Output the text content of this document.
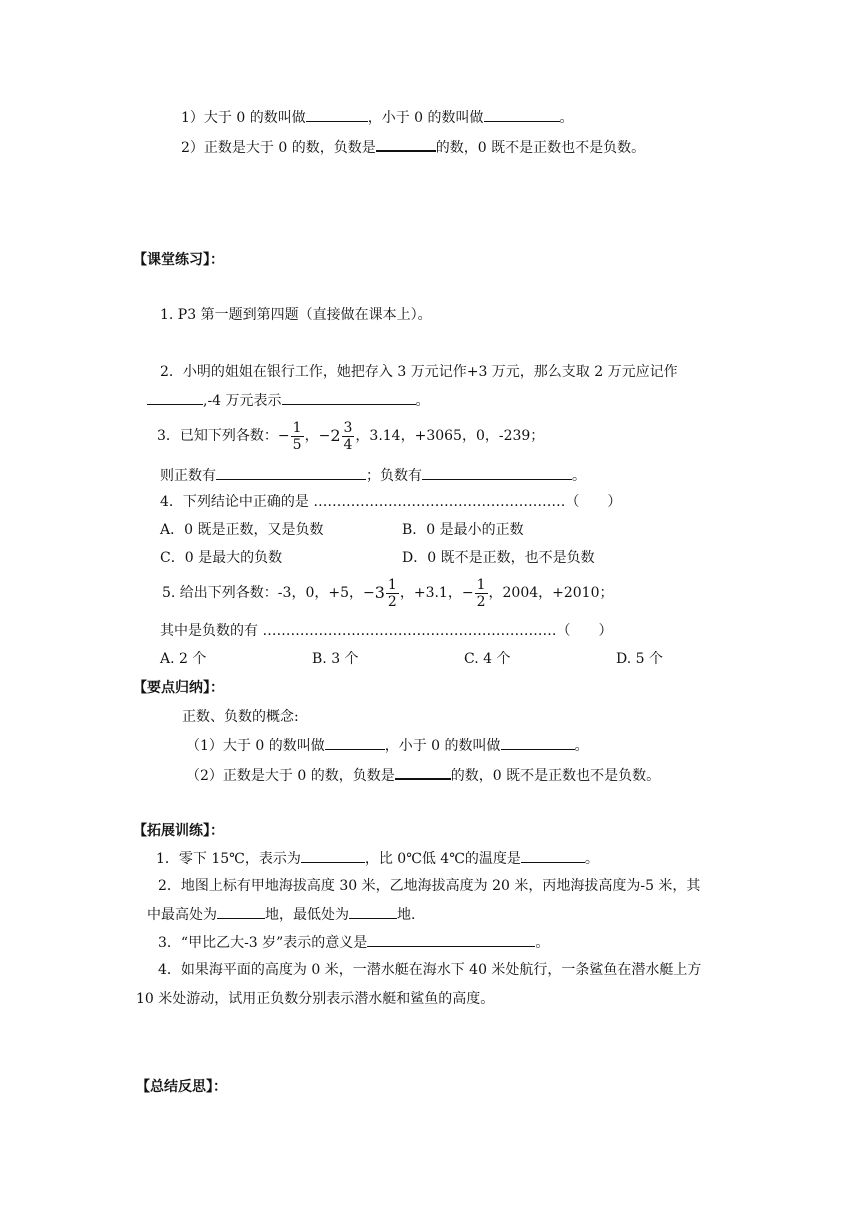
1）大于 0 的数叫做	，小于 0 的数叫做	。
2）正数是大于 0 的数，负数是	的数，0 既不是正数也不是负数。
【课堂练习】：
1. P3 第一题到第四题（直接做在课本上）。
2．小明的姐姐在银行工作，她把存入 3 万元记作+3 万元，那么支取 2 万元应记作
,-4 万元表示	。
3．已知下列各数：− $\frac{1}{5}$ ，$-2 \frac{3}{4}$ ，3.14，+3065，0，-239；
则正数有	；负数有	。
4．下列结论中正确的是 ………………………………………………（　　）
A．0 既是正数，又是负数	B．0 是最小的正数
C．0 是最大的负数	D．0 既不是正数，也不是负数
5. 给出下列各数：-3，0，+5，$-3 \frac{1}{2}$ ，+3.1，− $\frac{1}{2}$ ，2004，+2010；
其中是负数的有 ………………………………………………………（　　）
A. 2 个	B. 3 个	C. 4 个	D. 5 个
【要点归纳】：
正数、负数的概念:
（1）大于 0 的数叫做	，小于 0 的数叫做	。
（2）正数是大于 0 的数，负数是	的数，0 既不是正数也不是负数。
【拓展训练】：
1．零下 15℃，表示为	，比 0℃低 4℃的温度是	。
2．地图上标有甲地海拔高度 30 米，乙地海拔高度为 20 米，丙地海拔高度为-5 米，其
中最高处为	地，最低处为	地.
3．“甲比乙大-3 岁”表示的意义是	。
4．如果海平面的高度为 0 米，一潜水艇在海水下 40 米处航行，一条鲨鱼在潜水艇上方
10 米处游动，试用正负数分别表示潜水艇和鲨鱼的高度。
【总结反思】：
